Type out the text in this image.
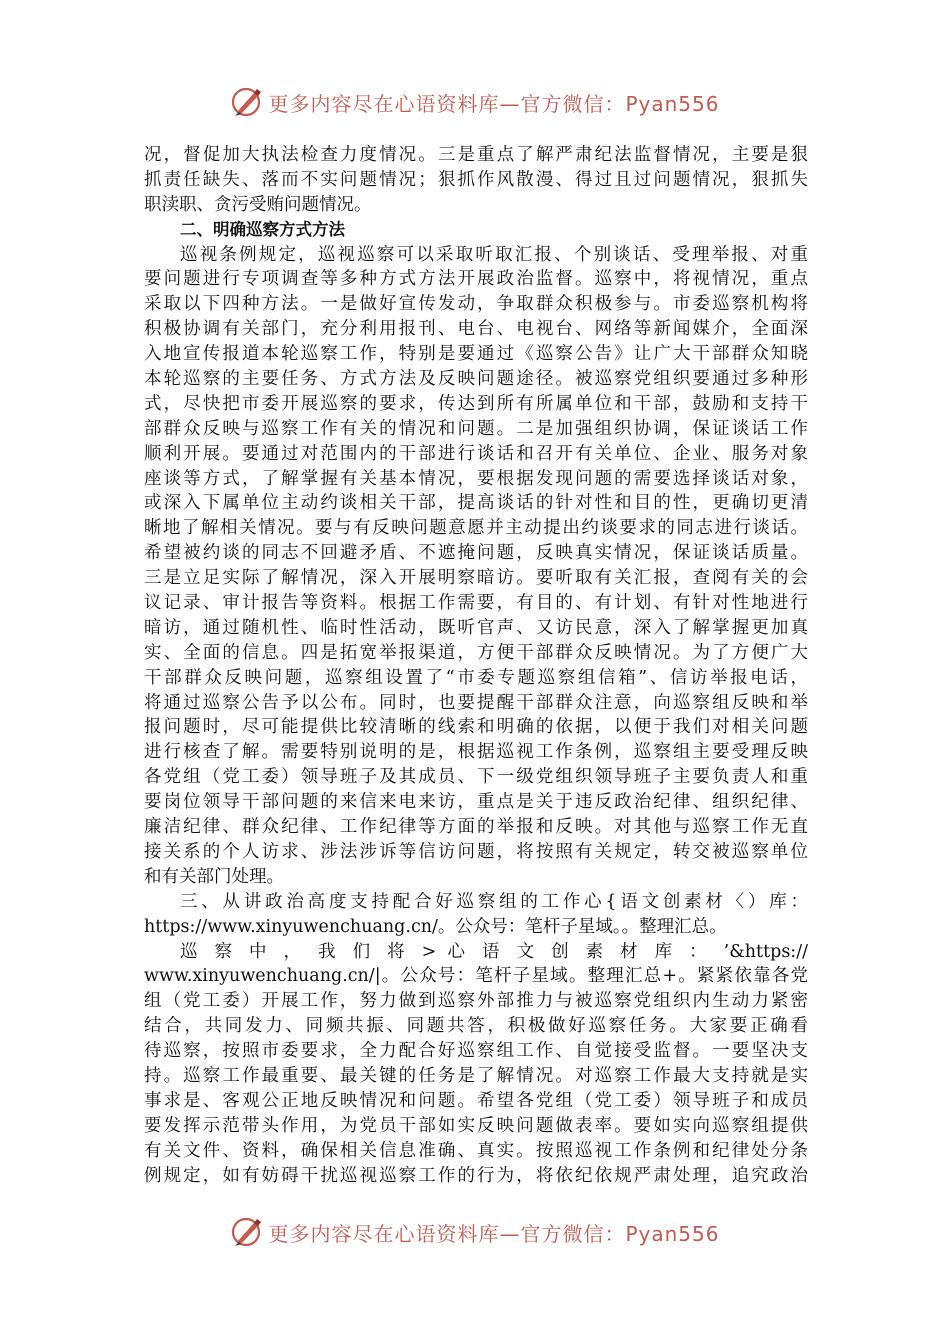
更多内容尽在心语资料库—官方微信：Pyan556
况，督促加大执法检查力度情况。三是重点了解严肃纪法监督情况，主要是狠
抓责任缺失、落而不实问题情况；狠抓作风散漫、得过且过问题情况，狠抓失
职渎职、贪污受贿问题情况。
二、明确巡察方式方法
巡视条例规定，巡视巡察可以采取听取汇报、个别谈话、受理举报、对重
要问题进行专项调查等多种方式方法开展政治监督。巡察中，将视情况，重点
采取以下四种方法。一是做好宣传发动，争取群众积极参与。市委巡察机构将
积极协调有关部门，充分利用报刊、电台、电视台、网络等新闻媒介，全面深
入地宣传报道本轮巡察工作，特别是要通过《巡察公告》让广大干部群众知晓
本轮巡察的主要任务、方式方法及反映问题途径。被巡察党组织要通过多种形
式，尽快把市委开展巡察的要求，传达到所有所属单位和干部，鼓励和支持干
部群众反映与巡察工作有关的情况和问题。二是加强组织协调，保证谈话工作
顺利开展。要通过对范围内的干部进行谈话和召开有关单位、企业、服务对象
座谈等方式，了解掌握有关基本情况，要根据发现问题的需要选择谈话对象，
或深入下属单位主动约谈相关干部，提高谈话的针对性和目的性，更确切更清
晰地了解相关情况。要与有反映问题意愿并主动提出约谈要求的同志进行谈话。
希望被约谈的同志不回避矛盾、不遮掩问题，反映真实情况，保证谈话质量。
三是立足实际了解情况，深入开展明察暗访。要听取有关汇报，查阅有关的会
议记录、审计报告等资料。根据工作需要，有目的、有计划、有针对性地进行
暗访，通过随机性、临时性活动，既听官声、又访民意，深入了解掌握更加真
实、全面的信息。四是拓宽举报渠道，方便干部群众反映情况。为了方便广大
干部群众反映问题，巡察组设置了“市委专题巡察组信箱”、信访举报电话，
将通过巡察公告予以公布。同时，也要提醒干部群众注意，向巡察组反映和举
报问题时，尽可能提供比较清晰的线索和明确的依据，以便于我们对相关问题
进行核查了解。需要特别说明的是，根据巡视工作条例，巡察组主要受理反映
各党组（党工委）领导班子及其成员、下一级党组织领导班子主要负责人和重
要岗位领导干部问题的来信来电来访，重点是关于违反政治纪律、组织纪律、
廉洁纪律、群众纪律、工作纪律等方面的举报和反映。对其他与巡察工作无直
接关系的个人访求、涉法涉诉等信访问题，将按照有关规定，转交被巡察单位
和有关部门处理。
三、从讲政治高度支持配合好巡察组的工作心{语文创素材〈）库：
https://www.xinyuwenchuang.cn/。公众号：笔杆子星域。。整理汇总。
巡 察 中 ， 我 们 将 > 心 语 文 创 素 材 库 ： ’&https://
www.xinyuwenchuang.cn/|。公众号：笔杆子星域。整理汇总+。紧紧依靠各党
组（党工委）开展工作，努力做到巡察外部推力与被巡察党组织内生动力紧密
结合，共同发力、同频共振、同题共答，积极做好巡察任务。大家要正确看
待巡察，按照市委要求，全力配合好巡察组工作、自觉接受监督。一要坚决支
持。巡察工作最重要、最关键的任务是了解情况。对巡察工作最大支持就是实
事求是、客观公正地反映情况和问题。希望各党组（党工委）领导班子和成员
要发挥示范带头作用，为党员干部如实反映问题做表率。要如实向巡察组提供
有关文件、资料，确保相关信息准确、真实。按照巡视工作条例和纪律处分条
例规定，如有妨碍干扰巡视巡察工作的行为，将依纪依规严肃处理，追究政治
更多内容尽在心语资料库—官方微信：Pyan556
